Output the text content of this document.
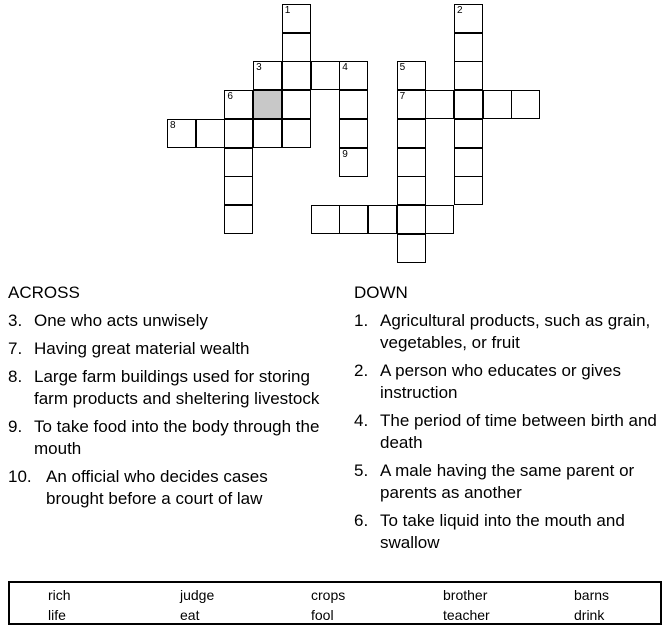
1	2
3	4	5
6	7
8
9
ACROSS
3. One who acts unwisely
7. Having great material wealth
8. Large farm buildings used for storing farm products and sheltering livestock
9. To take food into the body through the mouth
10. An official who decides cases brought before a court of law
DOWN
1. Agricultural products, such as grain, vegetables, or fruit
2. A person who educates or gives instruction
4. The period of time between birth and death
5. A male having the same parent or parents as another
6. To take liquid into the mouth and swallow
rich	judge	crops	brother	barns
life	eat	fool	teacher	drink
